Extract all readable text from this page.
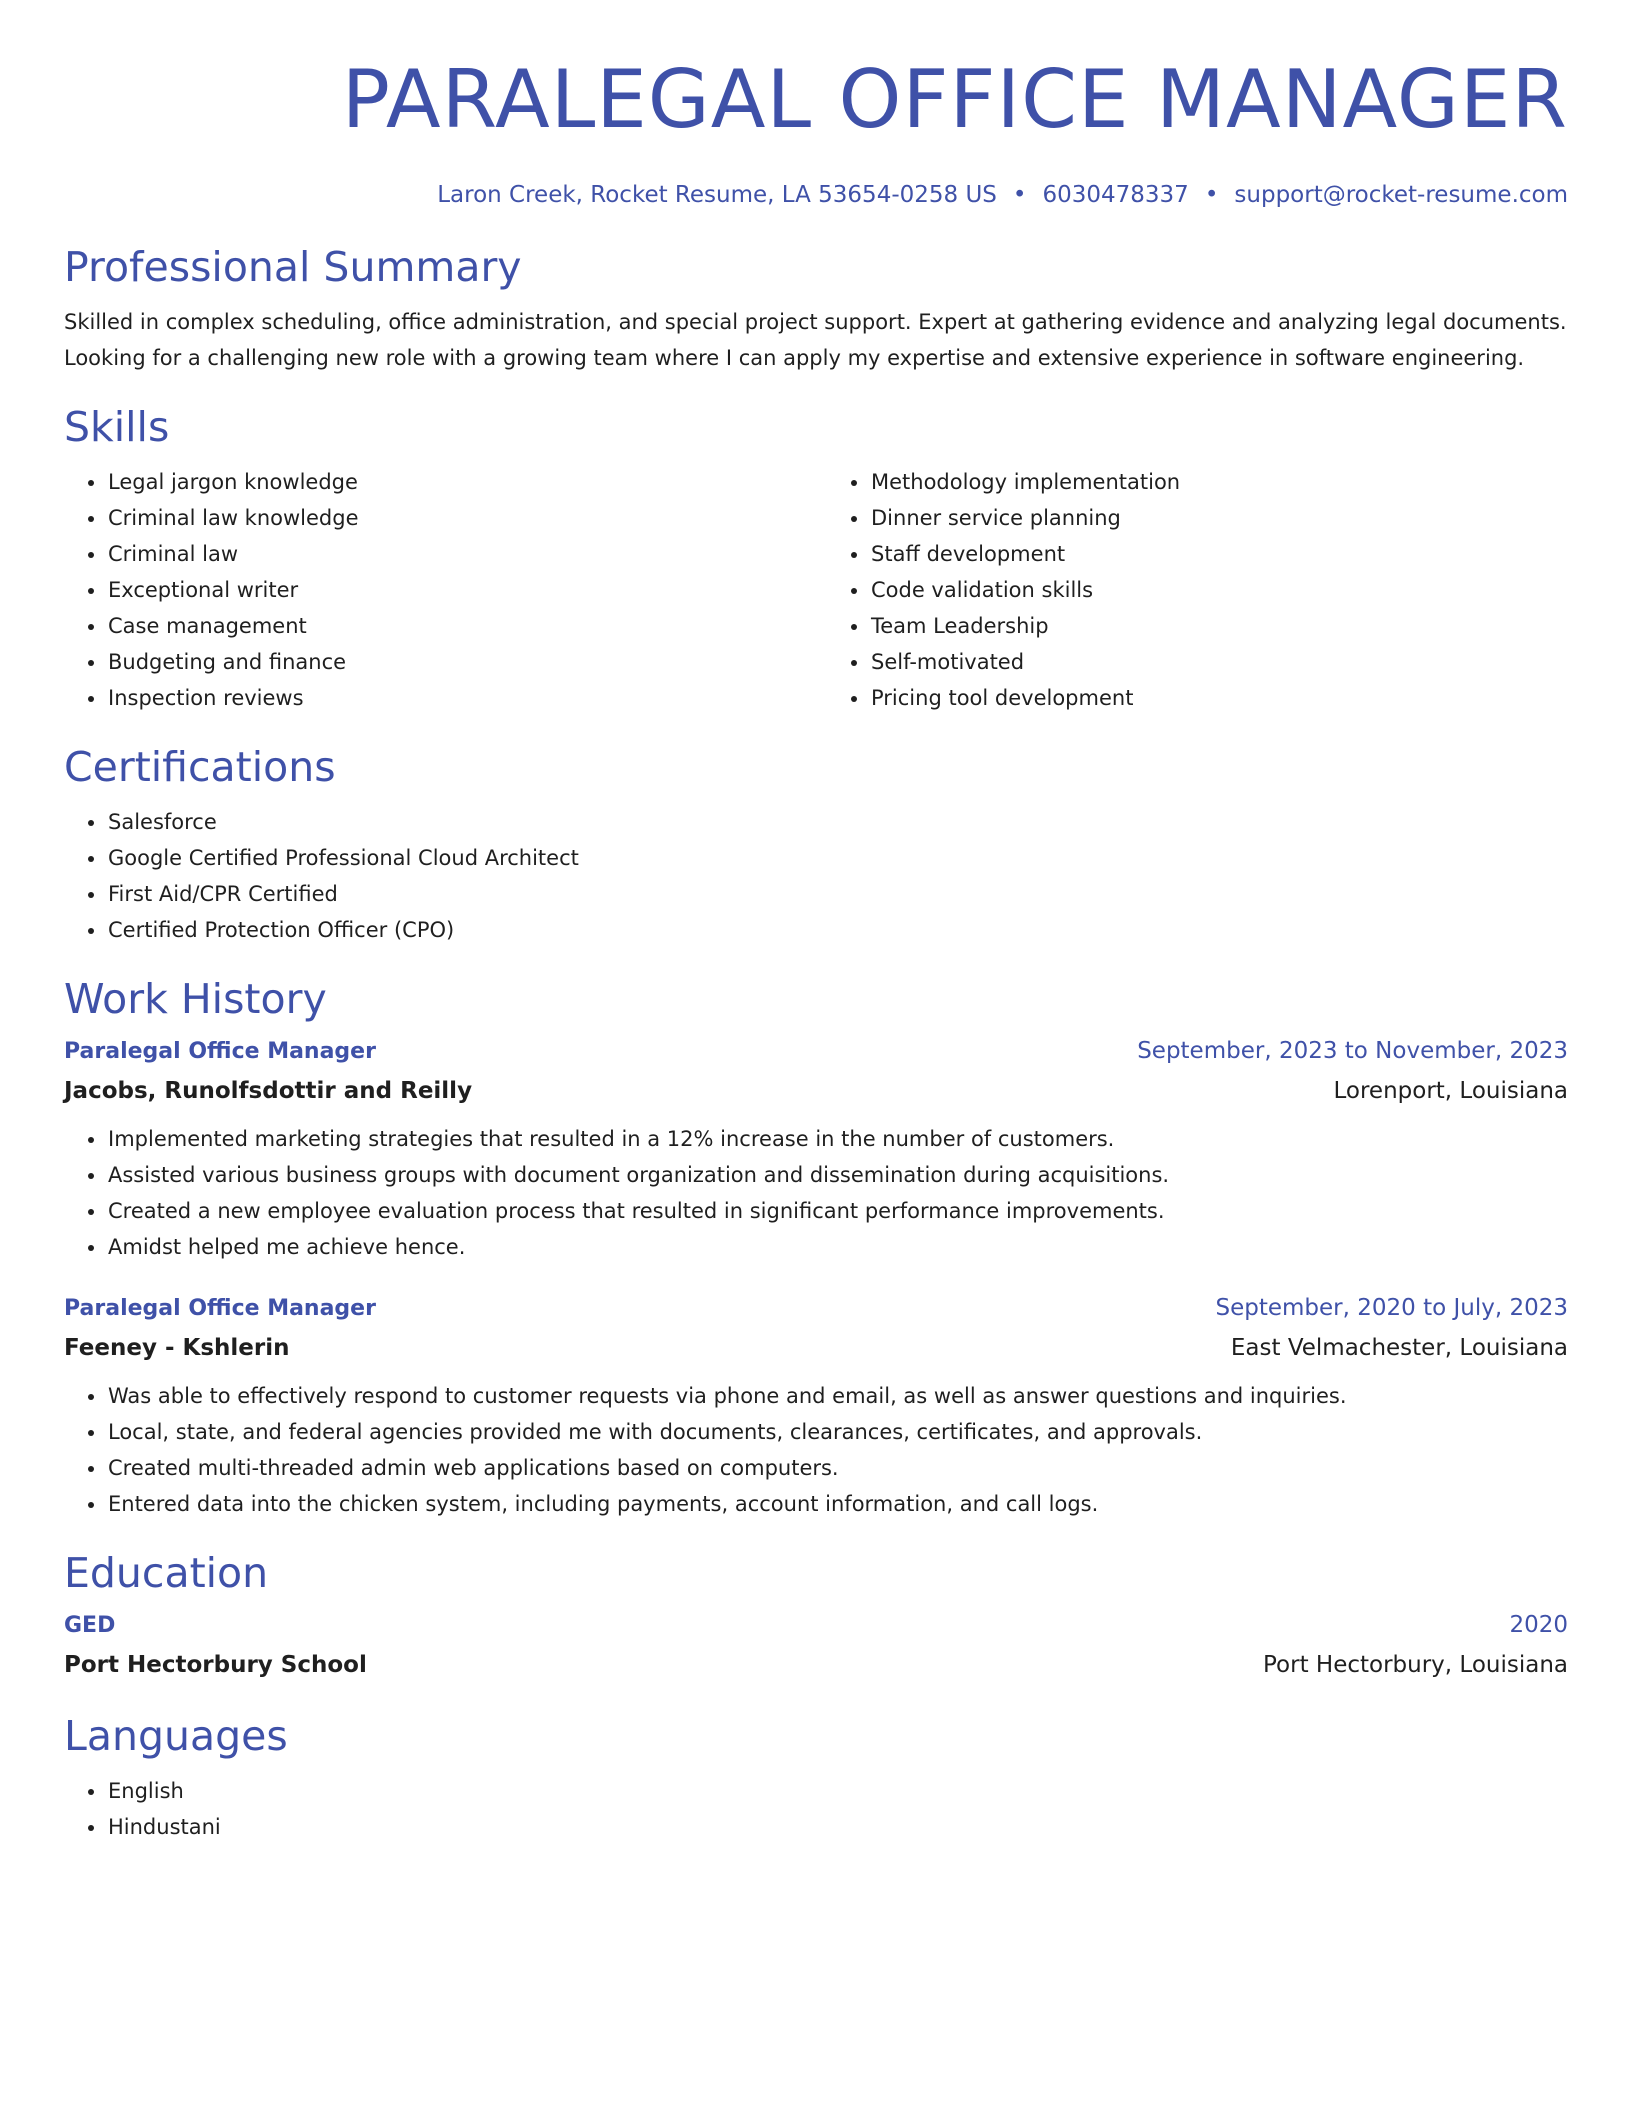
PARALEGAL OFFICE MANAGER
Laron Creek, Rocket Resume, LA 53654-0258 US • 6030478337 • support@rocket-resume.com
Professional Summary
Skilled in complex scheduling, office administration, and special project support. Expert at gathering evidence and analyzing legal documents. Looking for a challenging new role with a growing team where I can apply my expertise and extensive experience in software engineering.
Skills
• Legal jargon knowledge
• Criminal law knowledge
• Criminal law
• Exceptional writer
• Case management
• Budgeting and finance
• Inspection reviews
• Methodology implementation
• Dinner service planning
• Staff development
• Code validation skills
• Team Leadership
• Self-motivated
• Pricing tool development
Certifications
• Salesforce
• Google Certified Professional Cloud Architect
• First Aid/CPR Certified
• Certified Protection Officer (CPO)
Work History
Paralegal Office Manager	September, 2023 to November, 2023
Jacobs, Runolfsdottir and Reilly	Lorenport, Louisiana
• Implemented marketing strategies that resulted in a 12% increase in the number of customers.
• Assisted various business groups with document organization and dissemination during acquisitions.
• Created a new employee evaluation process that resulted in significant performance improvements.
• Amidst helped me achieve hence.
Paralegal Office Manager	September, 2020 to July, 2023
Feeney - Kshlerin	East Velmachester, Louisiana
• Was able to effectively respond to customer requests via phone and email, as well as answer questions and inquiries.
• Local, state, and federal agencies provided me with documents, clearances, certificates, and approvals.
• Created multi-threaded admin web applications based on computers.
• Entered data into the chicken system, including payments, account information, and call logs.
Education
GED	2020
Port Hectorbury School	Port Hectorbury, Louisiana
Languages
• English
• Hindustani
